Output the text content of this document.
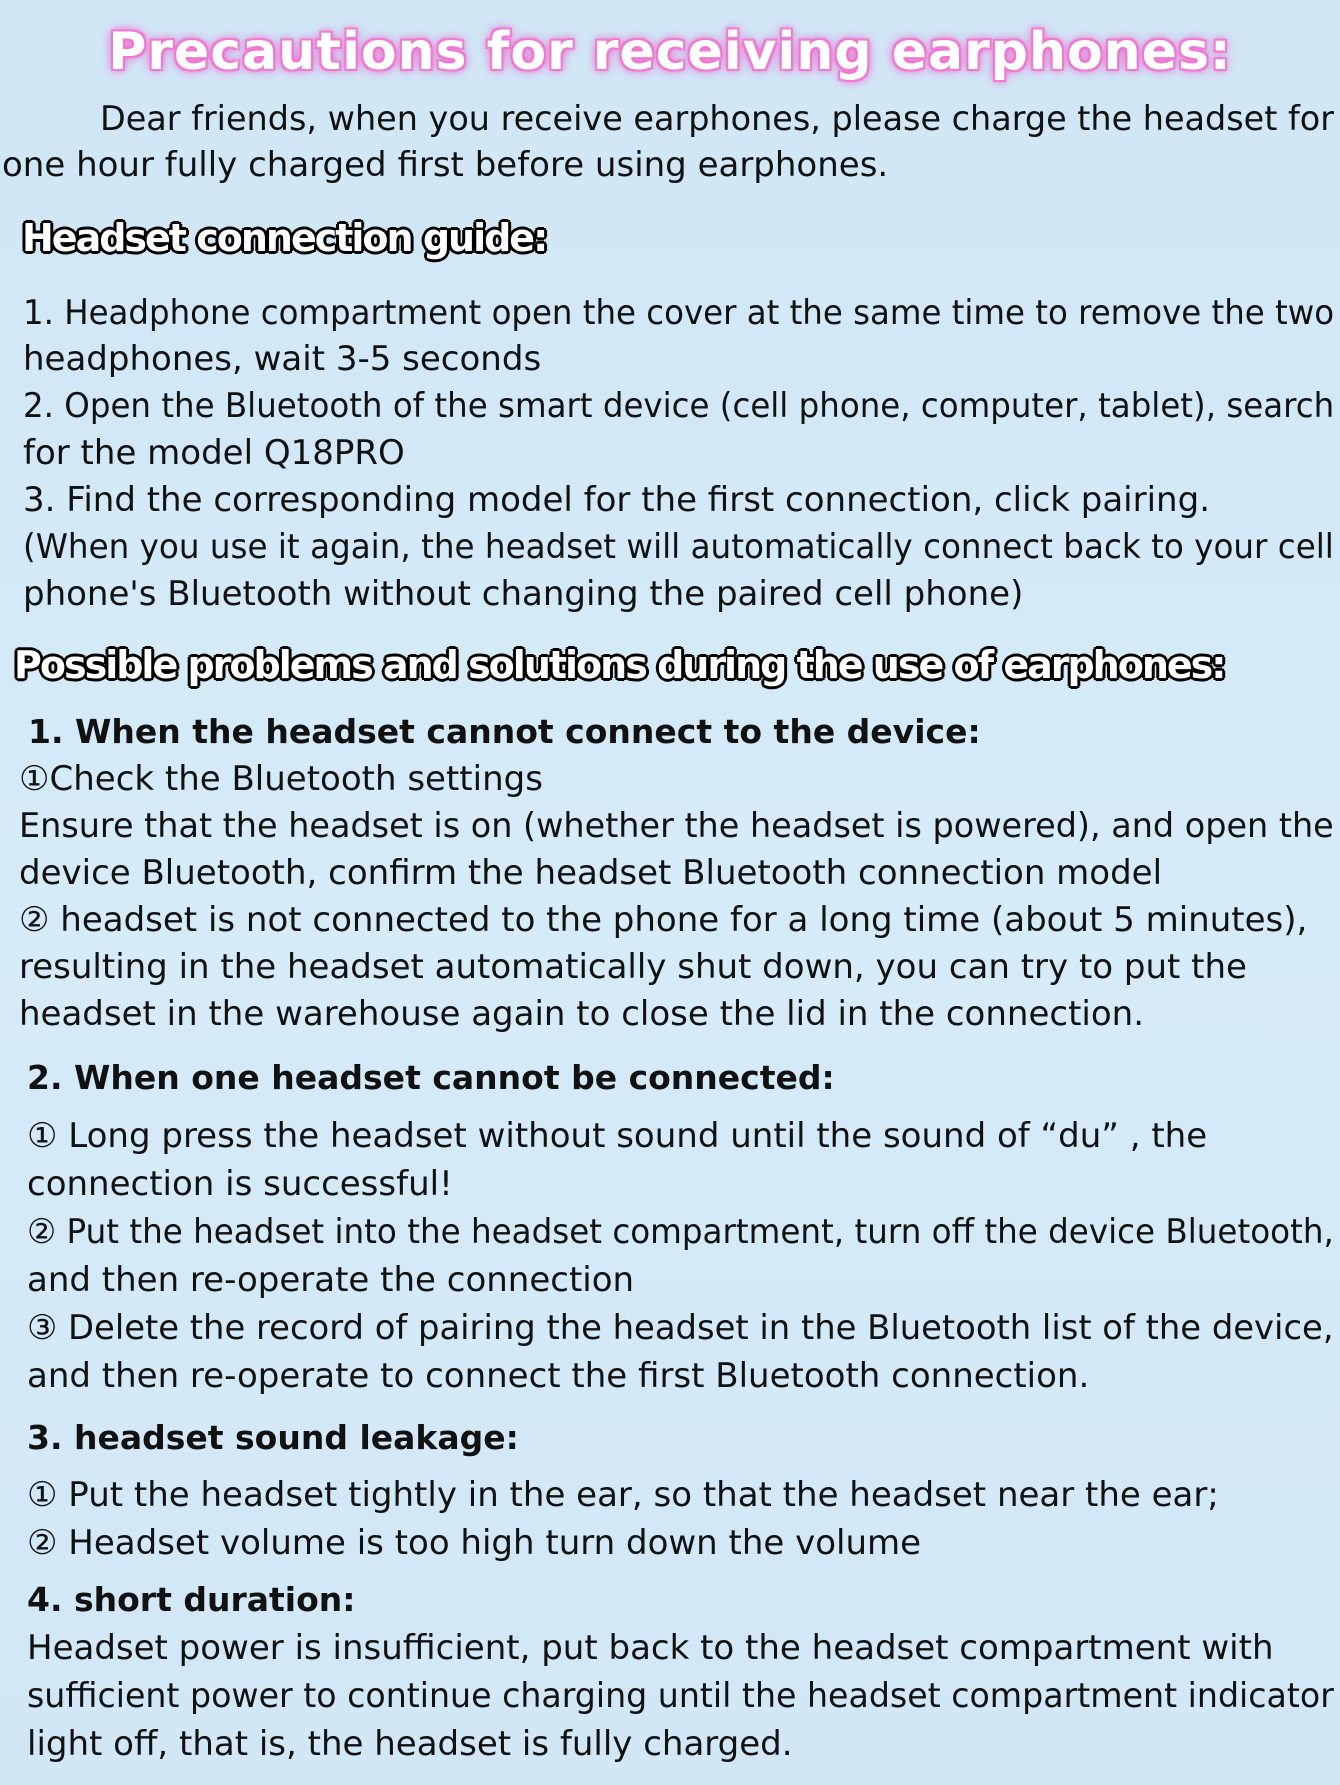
Precautions for receiving earphones:
Dear friends, when you receive earphones, please charge the headset for
one hour fully charged first before using earphones.
Headset connection guide:
1. Headphone compartment open the cover at the same time to remove the two
headphones, wait 3-5 seconds
2. Open the Bluetooth of the smart device (cell phone, computer, tablet), search
for the model Q18PRO
3. Find the corresponding model for the first connection, click pairing.
(When you use it again, the headset will automatically connect back to your cell
phone's Bluetooth without changing the paired cell phone)
Possible problems and solutions during the use of earphones:
1. When the headset cannot connect to the device:
①Check the Bluetooth settings
Ensure that the headset is on (whether the headset is powered), and open the
device Bluetooth, confirm the headset Bluetooth connection model
② headset is not connected to the phone for a long time (about 5 minutes),
resulting in the headset automatically shut down, you can try to put the
headset in the warehouse again to close the lid in the connection.
2. When one headset cannot be connected:
① Long press the headset without sound until the sound of “du” , the
connection is successful!
② Put the headset into the headset compartment, turn off the device Bluetooth,
and then re-operate the connection
③ Delete the record of pairing the headset in the Bluetooth list of the device,
and then re-operate to connect the first Bluetooth connection.
3. headset sound leakage:
① Put the headset tightly in the ear, so that the headset near the ear;
② Headset volume is too high turn down the volume
4. short duration:
Headset power is insufficient, put back to the headset compartment with
sufficient power to continue charging until the headset compartment indicator
light off, that is, the headset is fully charged.
